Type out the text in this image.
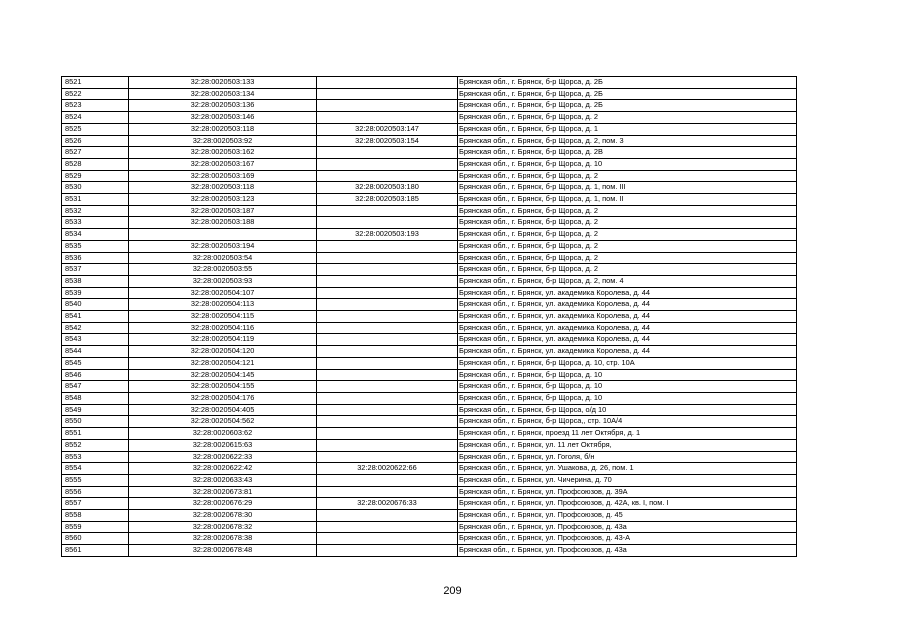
8521	32:28:0020503:133		Брянская обл., г. Брянск, б-р Щорса, д. 2Б
8522	32:28:0020503:134		Брянская обл., г. Брянск, б-р Щорса, д. 2Б
8523	32:28:0020503:136		Брянская обл., г. Брянск, б-р Щорса, д. 2Б
8524	32:28:0020503:146		Брянская обл., г. Брянск, б-р Щорса, д. 2
8525	32:28:0020503:118	32:28:0020503:147	Брянская обл., г. Брянск, б-р Щорса, д. 1
8526	32:28:0020503:92	32:28:0020503:154	Брянская обл., г. Брянск, б-р Щорса, д. 2, пом. 3
8527	32:28:0020503:162		Брянская обл., г. Брянск, б-р Щорса, д. 2В
8528	32:28:0020503:167		Брянская обл., г. Брянск, б-р Щорса, д. 10
8529	32:28:0020503:169		Брянская обл., г. Брянск, б-р Щорса, д. 2
8530	32:28:0020503:118	32:28:0020503:180	Брянская обл., г. Брянск, б-р Щорса, д. 1, пом. III
8531	32:28:0020503:123	32:28:0020503:185	Брянская обл., г. Брянск, б-р Щорса, д. 1, пом. II
8532	32:28:0020503:187		Брянская обл., г. Брянск, б-р Щорса, д. 2
8533	32:28:0020503:188		Брянская обл., г. Брянск, б-р Щорса, д. 2
8534		32:28:0020503:193	Брянская обл., г. Брянск, б-р Щорса, д. 2
8535	32:28:0020503:194		Брянская обл., г. Брянск, б-р Щорса, д. 2
8536	32:28:0020503:54		Брянская обл., г. Брянск, б-р Щорса, д. 2
8537	32:28:0020503:55		Брянская обл., г. Брянск, б-р Щорса, д. 2
8538	32:28:0020503:93		Брянская обл., г. Брянск, б-р Щорса, д. 2, пом. 4
8539	32:28:0020504:107		Брянская обл., г. Брянск, ул. академика Королева, д. 44
8540	32:28:0020504:113		Брянская обл., г. Брянск, ул. академика Королева, д. 44
8541	32:28:0020504:115		Брянская обл., г. Брянск, ул. академика Королева, д. 44
8542	32:28:0020504:116		Брянская обл., г. Брянск, ул. академика Королева, д. 44
8543	32:28:0020504:119		Брянская обл., г. Брянск, ул. академика Королева, д. 44
8544	32:28:0020504:120		Брянская обл., г. Брянск, ул. академика Королева, д. 44
8545	32:28:0020504:121		Брянская обл., г. Брянск, б-р Щорса, д. 10, стр. 10А
8546	32:28:0020504:145		Брянская обл., г. Брянск, б-р Щорса, д. 10
8547	32:28:0020504:155		Брянская обл., г. Брянск, б-р Щорса, д. 10
8548	32:28:0020504:176		Брянская обл., г. Брянск, б-р Щорса, д. 10
8549	32:28:0020504:405		Брянская обл., г. Брянск, б-р Щорса, о/д 10
8550	32:28:0020504:562		Брянская обл., г. Брянск, б-р Щорса,, стр. 10А/4
8551	32:28:0020603:62		Брянская обл., г. Брянск, проезд 11 лет Октября, д. 1
8552	32:28:0020615:63		Брянская обл., г. Брянск, ул. 11 лет Октября,
8553	32:28:0020622:33		Брянская обл., г. Брянск, ул. Гоголя, б/н
8554	32:28:0020622:42	32:28:0020622:66	Брянская обл., г. Брянск, ул. Ушакова, д. 26, пом. 1
8555	32:28:0020633:43		Брянская обл., г. Брянск, ул. Чичерина, д. 70
8556	32:28:0020673:81		Брянская обл., г. Брянск, ул. Профсоюзов, д. 39А
8557	32:28:0020676:29	32:28:0020676:33	Брянская обл., г. Брянск, ул. Профсоюзов, д. 42А, кв. I, пом. I
8558	32:28:0020678:30		Брянская обл., г. Брянск, ул. Профсоюзов, д. 45
8559	32:28:0020678:32		Брянская обл., г. Брянск, ул. Профсоюзов, д. 43а
8560	32:28:0020678:38		Брянская обл., г. Брянск, ул. Профсоюзов, д. 43-А
8561	32:28:0020678:48		Брянская обл., г. Брянск, ул. Профсоюзов, д. 43а
209
